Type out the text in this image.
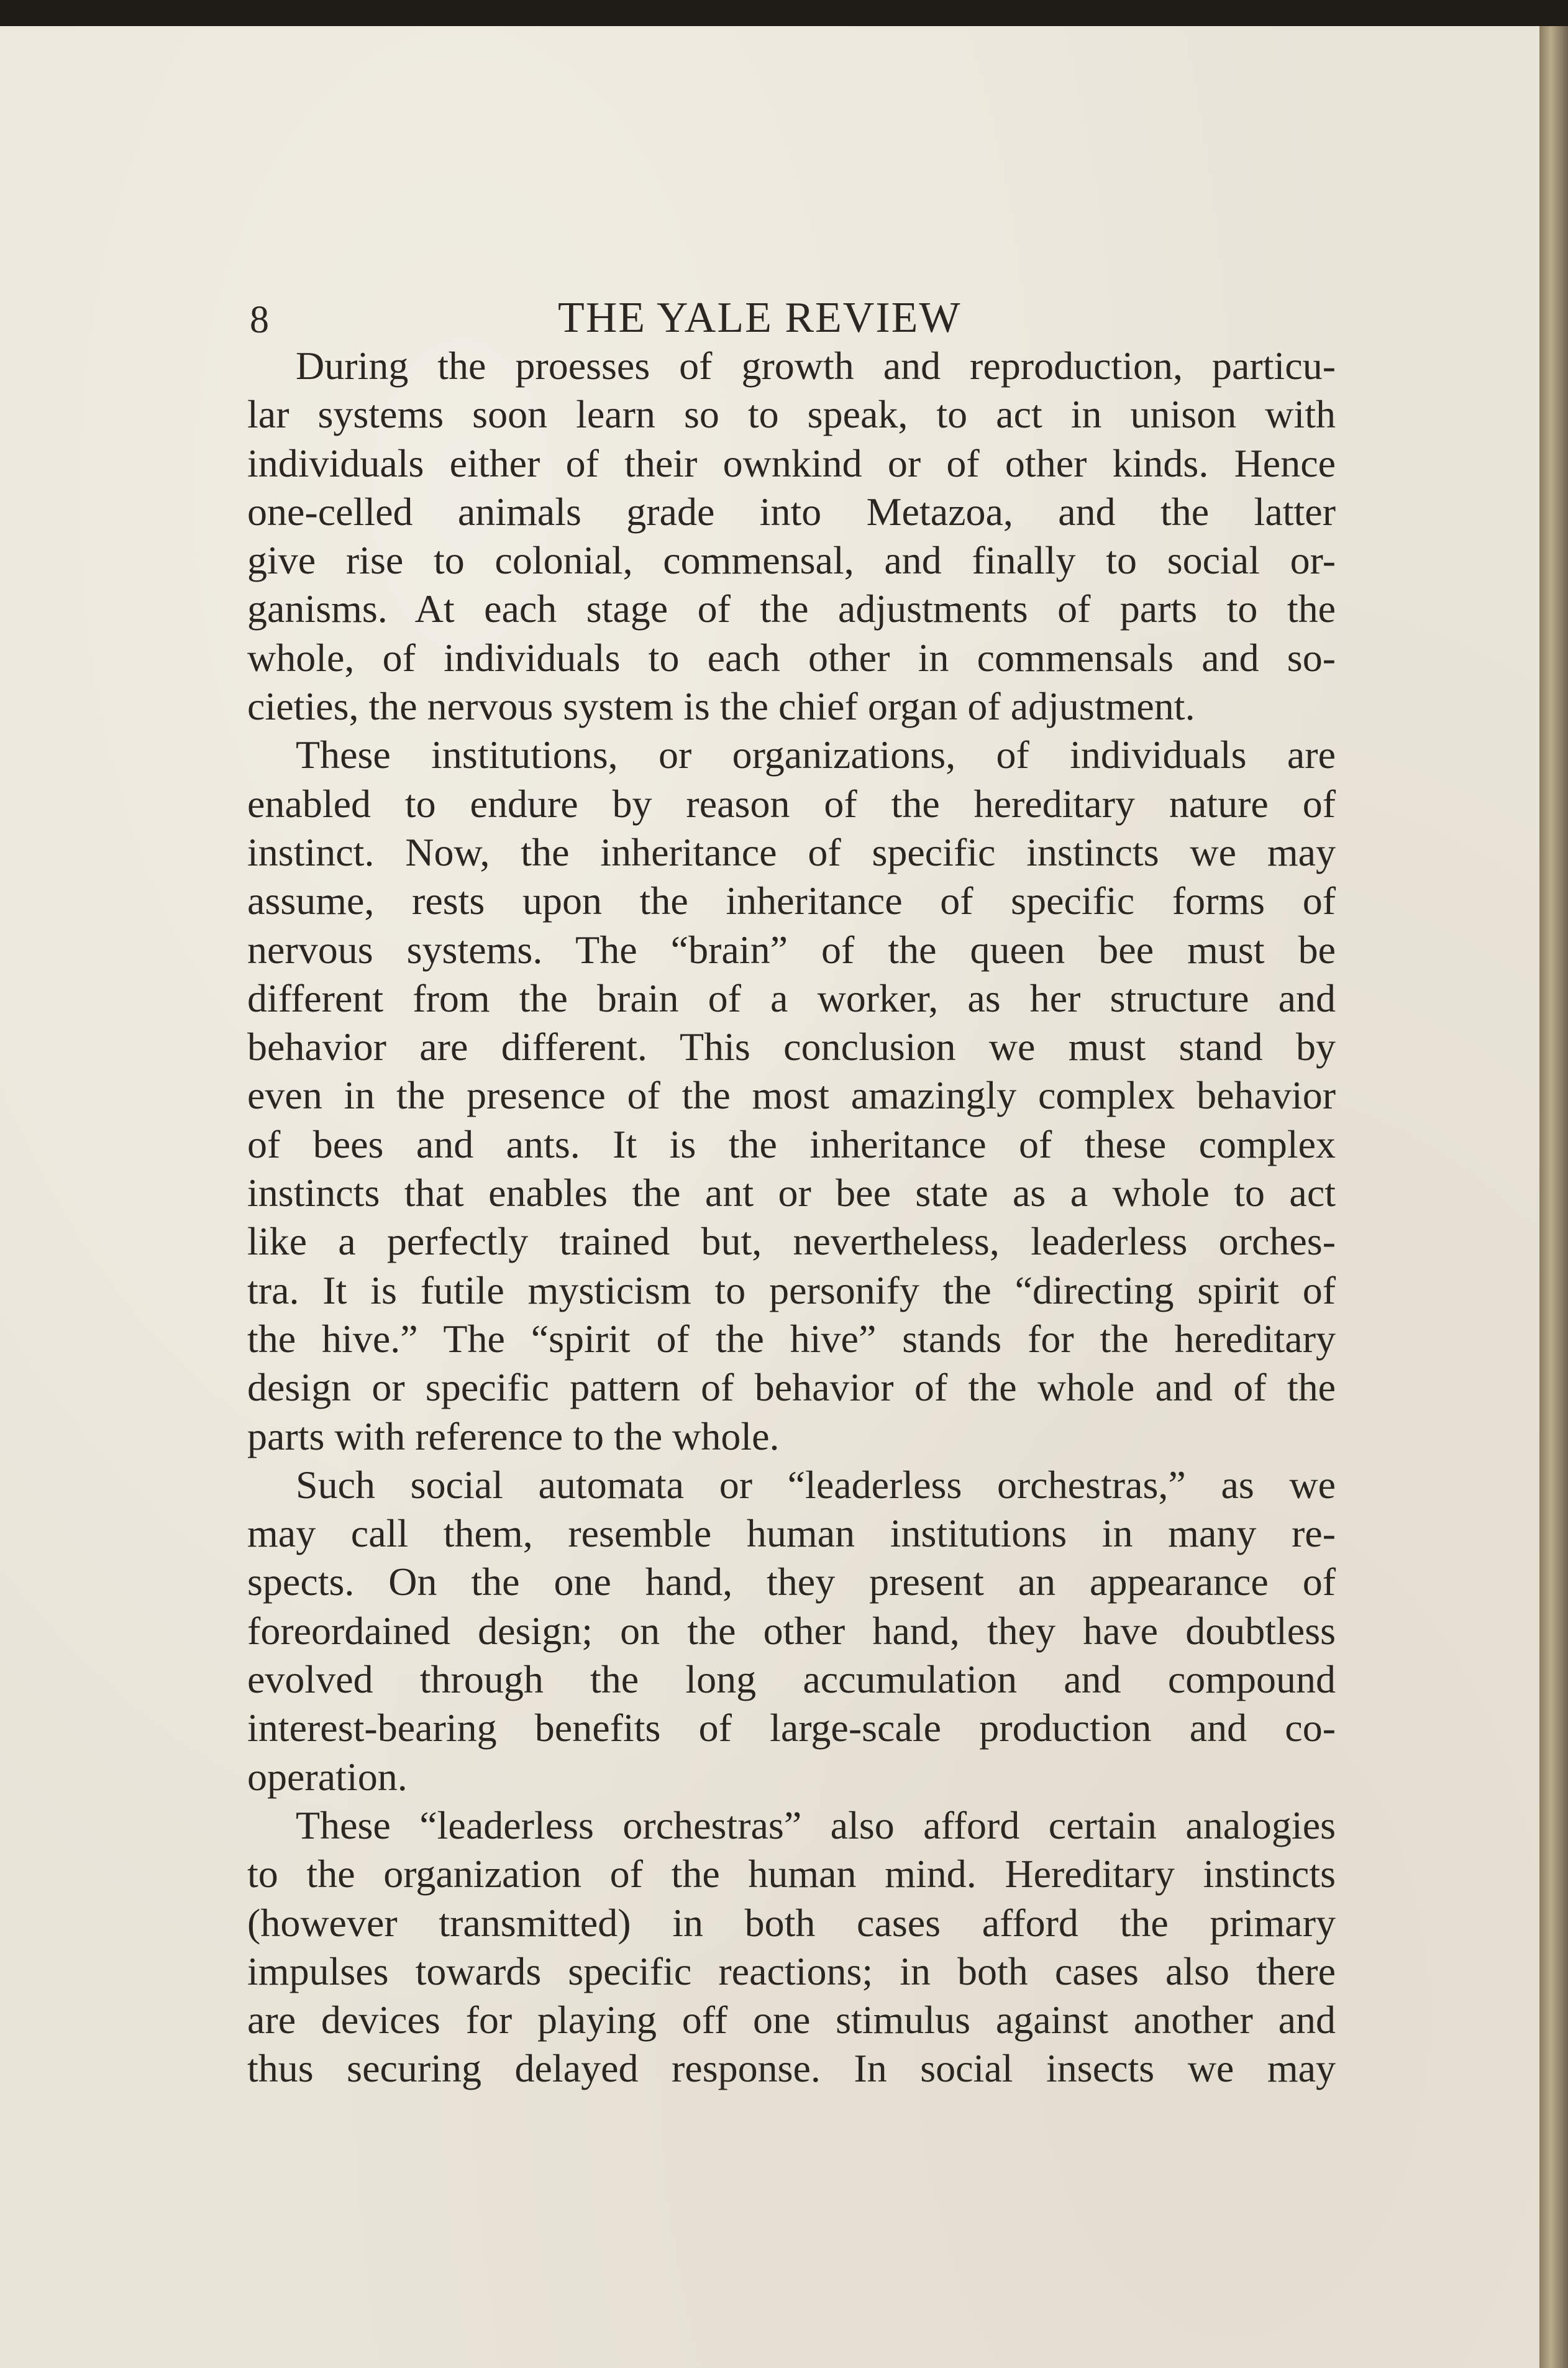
8	THE YALE REVIEW
During the proesses of growth and reproduction, particu-
lar systems soon learn so to speak, to act in unison with
individuals either of their ownkind or of other kinds. Hence
one-celled animals grade into Metazoa, and the latter
give rise to colonial, commensal, and finally to social or-
ganisms. At each stage of the adjustments of parts to the
whole, of individuals to each other in commensals and so-
cieties, the nervous system is the chief organ of adjustment.
These institutions, or organizations, of individuals are
enabled to endure by reason of the hereditary nature of
instinct. Now, the inheritance of specific instincts we may
assume, rests upon the inheritance of specific forms of
nervous systems. The “brain” of the queen bee must be
different from the brain of a worker, as her structure and
behavior are different. This conclusion we must stand by
even in the presence of the most amazingly complex behavior
of bees and ants. It is the inheritance of these complex
instincts that enables the ant or bee state as a whole to act
like a perfectly trained but, nevertheless, leaderless orches-
tra. It is futile mysticism to personify the “directing spirit of
the hive.” The “spirit of the hive” stands for the hereditary
design or specific pattern of behavior of the whole and of the
parts with reference to the whole.
Such social automata or “leaderless orchestras,” as we
may call them, resemble human institutions in many re-
spects. On the one hand, they present an appearance of
foreordained design; on the other hand, they have doubtless
evolved through the long accumulation and compound
interest-bearing benefits of large-scale production and co-
operation.
These “leaderless orchestras” also afford certain analogies
to the organization of the human mind. Hereditary instincts
(however transmitted) in both cases afford the primary
impulses towards specific reactions; in both cases also there
are devices for playing off one stimulus against another and
thus securing delayed response. In social insects we may
